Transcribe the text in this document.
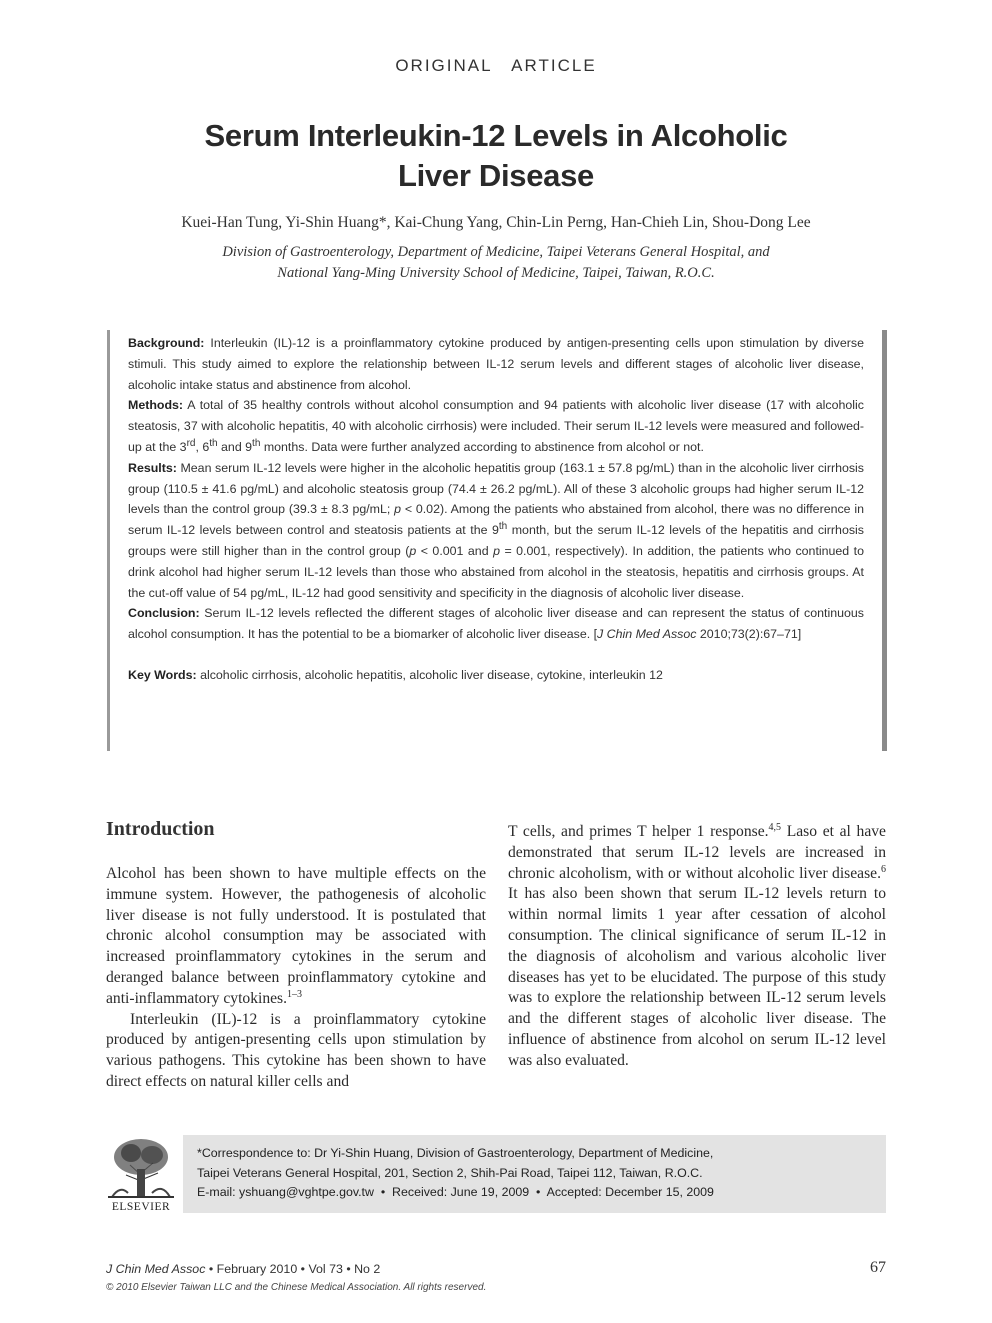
ORIGINAL   ARTICLE
Serum Interleukin-12 Levels in Alcoholic
Liver Disease
Kuei-Han Tung, Yi-Shin Huang*, Kai-Chung Yang, Chin-Lin Perng, Han-Chieh Lin, Shou-Dong Lee
Division of Gastroenterology, Department of Medicine, Taipei Veterans General Hospital, and
National Yang-Ming University School of Medicine, Taipei, Taiwan, R.O.C.

Background: Interleukin (IL)-12 is a proinflammatory cytokine produced by antigen-presenting cells upon stimulation by diverse stimuli. This study aimed to explore the relationship between IL-12 serum levels and different stages of alcoholic liver disease, alcoholic intake status and abstinence from alcohol.

Methods: A total of 35 healthy controls without alcohol consumption and 94 patients with alcoholic liver disease (17 with alcoholic steatosis, 37 with alcoholic hepatitis, 40 with alcoholic cirrhosis) were included. Their serum IL-12 levels were measured and followed-up at the 3rd, 6th and 9th months. Data were further analyzed according to abstinence from alcohol or not.

Results: Mean serum IL-12 levels were higher in the alcoholic hepatitis group (163.1 ± 57.8 pg/mL) than in the alcoholic liver cirrhosis group (110.5 ± 41.6 pg/mL) and alcoholic steatosis group (74.4 ± 26.2 pg/mL). All of these 3 alcoholic groups had higher serum IL-12 levels than the control group (39.3 ± 8.3 pg/mL; p < 0.02). Among the patients who abstained from alcohol, there was no difference in serum IL-12 levels between control and steatosis patients at the 9th month, but the serum IL-12 levels of the hepatitis and cirrhosis groups were still higher than in the control group (p < 0.001 and p = 0.001, respectively). In addition, the patients who continued to drink alcohol had higher serum IL-12 levels than those who abstained from alcohol in the steatosis, hepatitis and cirrhosis groups. At the cut-off value of 54 pg/mL, IL-12 had good sensitivity and specificity in the diagnosis of alcoholic liver disease.

Conclusion: Serum IL-12 levels reflected the different stages of alcoholic liver disease and can represent the status of continuous alcohol consumption. It has the potential to be a biomarker of alcoholic liver disease. [J Chin Med Assoc 2010;73(2):67–71]

Key Words: alcoholic cirrhosis, alcoholic hepatitis, alcoholic liver disease, cytokine, interleukin 12

Introduction

Alcohol has been shown to have multiple effects on the immune system. However, the pathogenesis of alcoholic liver disease is not fully understood. It is postulated that chronic alcohol consumption may be associated with increased proinflammatory cytokines in the serum and deranged balance between proinflammatory cytokine and anti-inflammatory cytokines.$^{1-3}$

Interleukin (IL)-12 is a proinflammatory cytokine produced by antigen-presenting cells upon stimulation by various pathogens. This cytokine has been shown to have direct effects on natural killer cells and

T cells, and primes T helper 1 response.$^{4,5}$ Laso et al have demonstrated that serum IL-12 levels are increased in chronic alcoholism, with or without alcoholic liver disease.$^6$ It has also been shown that serum IL-12 levels return to within normal limits 1 year after cessation of alcohol consumption. The clinical significance of serum IL-12 in the diagnosis of alcoholism and various alcoholic liver diseases has yet to be elucidated. The purpose of this study was to explore the relationship between IL-12 serum levels and the different stages of alcoholic liver disease. The influence of abstinence from alcohol on serum IL-12 level was also evaluated.

ELSEVIER
*Correspondence to: Dr Yi-Shin Huang, Division of Gastroenterology, Department of Medicine,
Taipei Veterans General Hospital, 201, Section 2, Shih-Pai Road, Taipei 112, Taiwan, R.O.C.
E-mail: yshuang@vghtpe.gov.tw  •  Received: June 19, 2009  •  Accepted: December 15, 2009
J Chin Med Assoc • February 2010 • Vol 73 • No 2
© 2010 Elsevier Taiwan LLC and the Chinese Medical Association. All rights reserved.
67
